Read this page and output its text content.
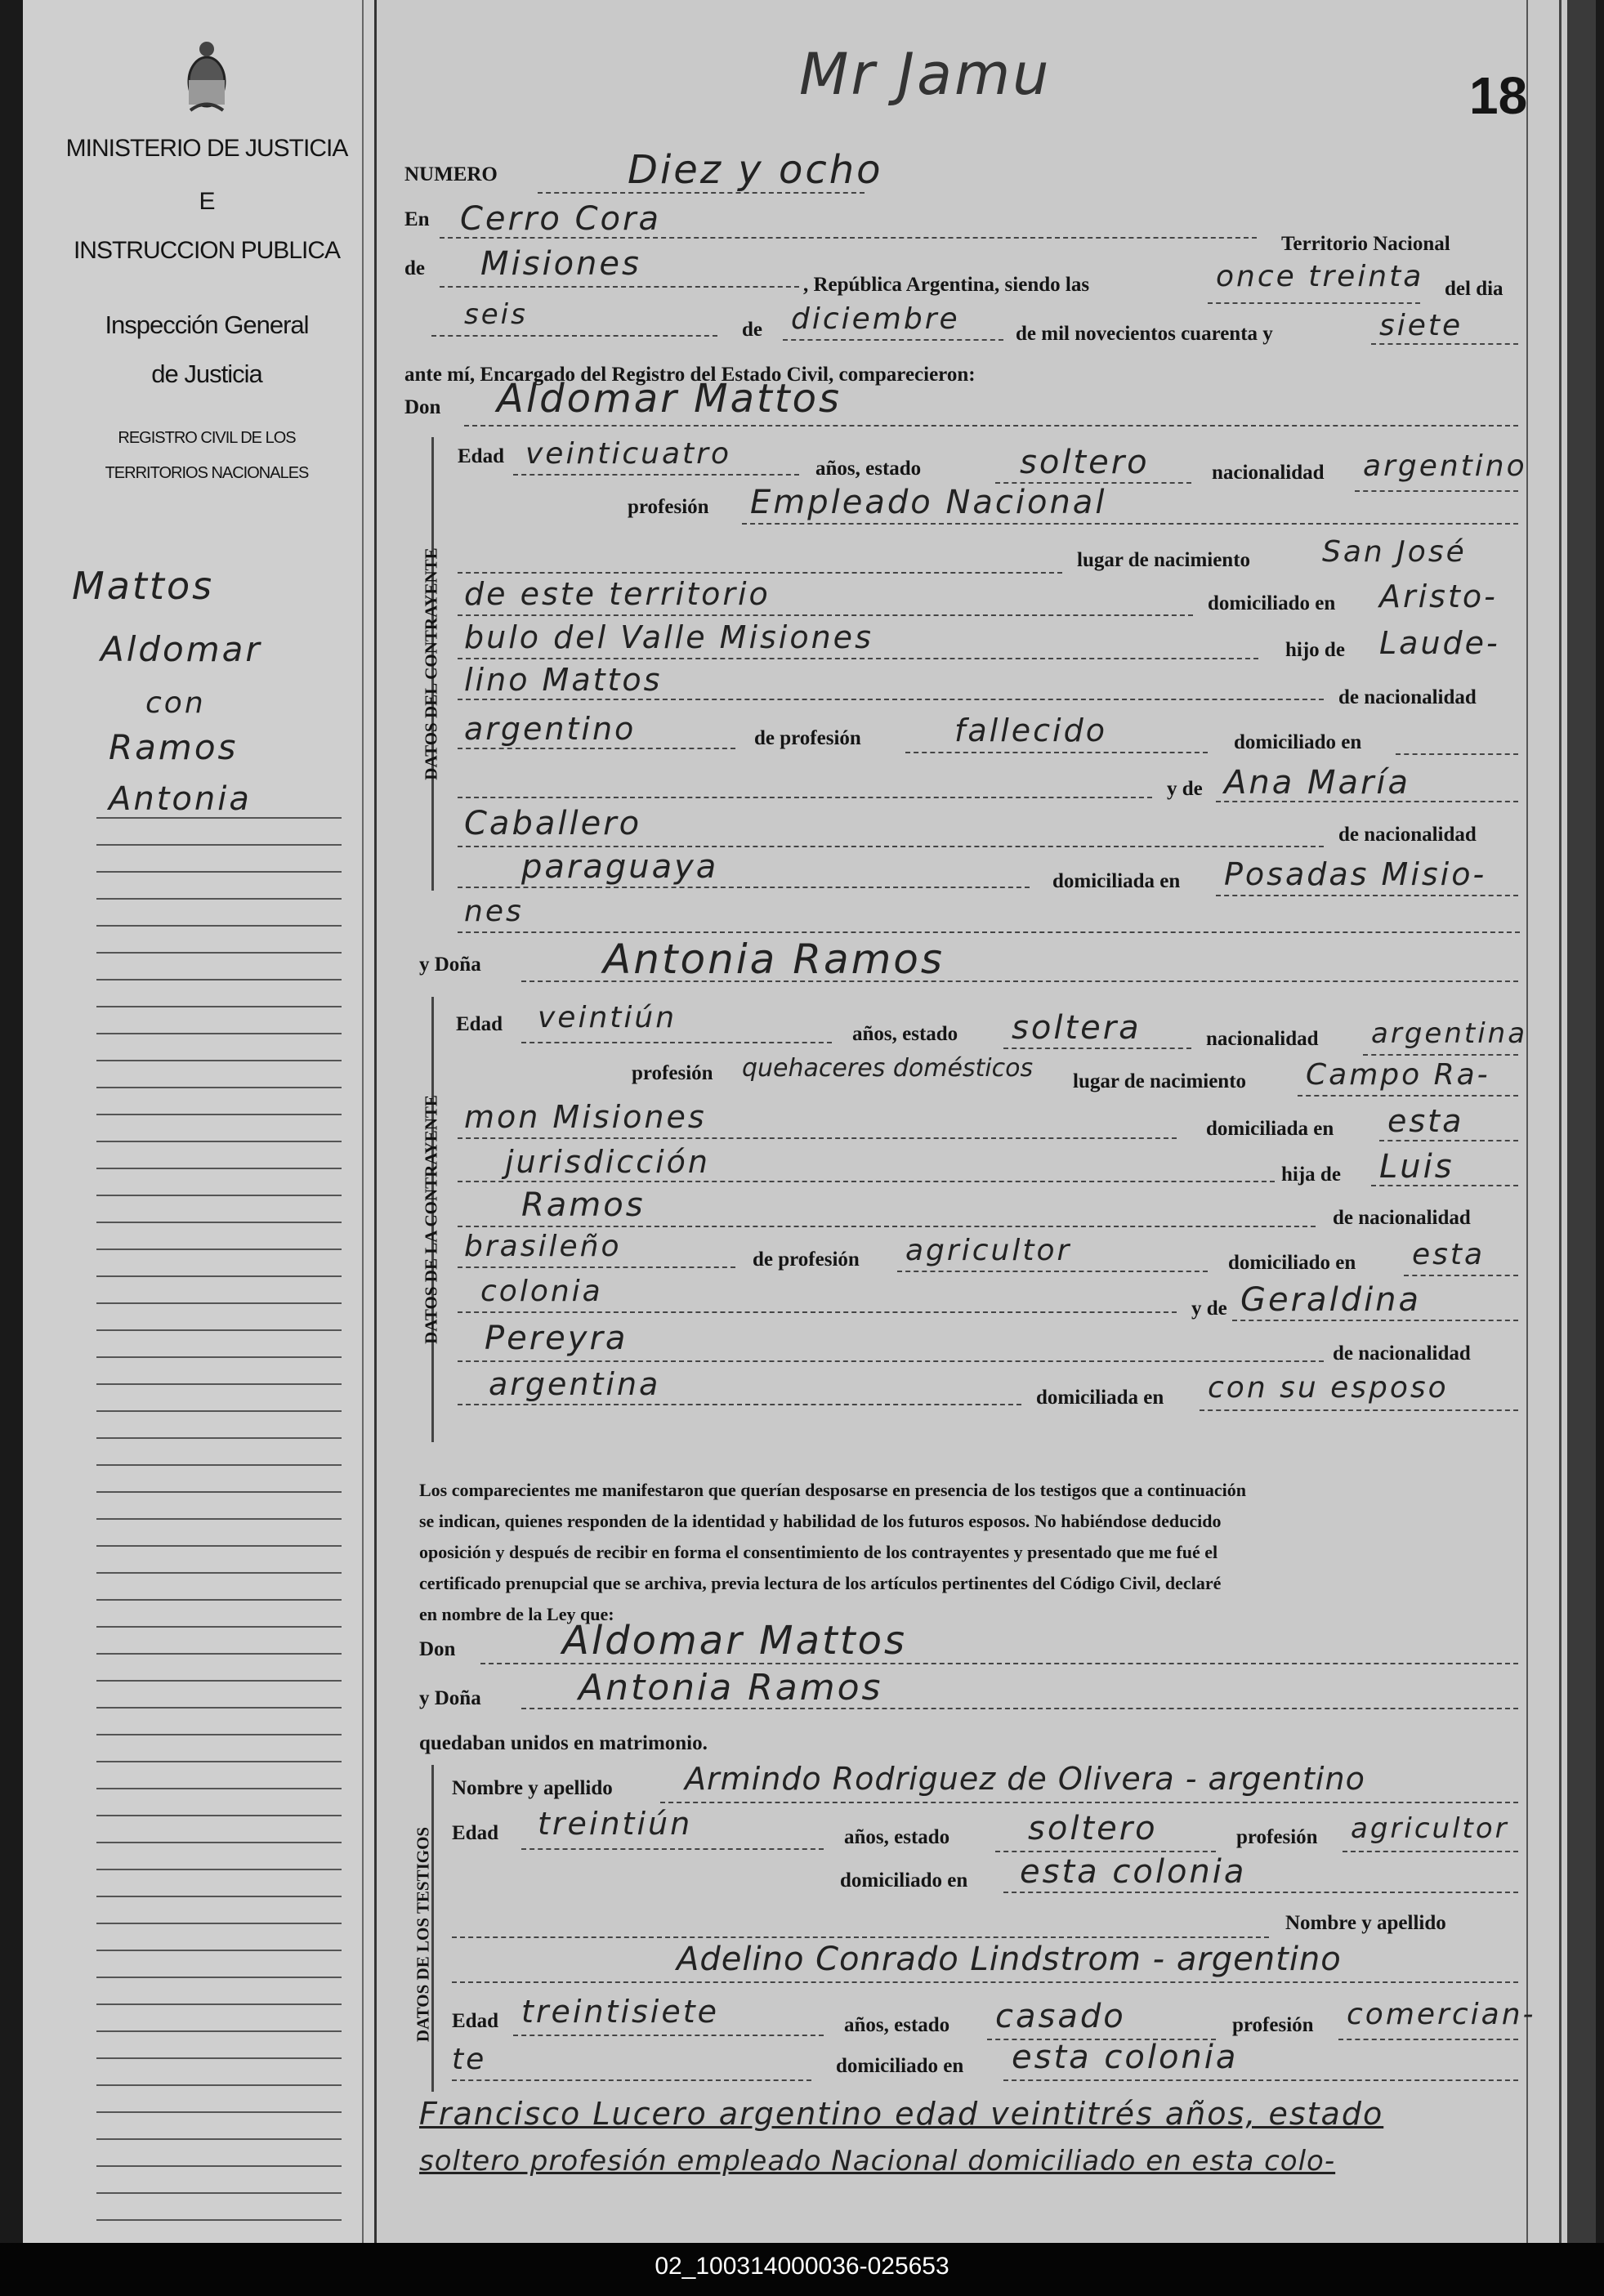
MINISTERIO DE JUSTICIA
E
INSTRUCCION PUBLICA
Inspección General
de Justicia
REGISTRO CIVIL DE LOS
TERRITORIOS NACIONALES
Mattos
Aldomar
con
Ramos
Antonia
Mr Jamu	18
NUMERO	Diez y ocho
En Cerro Cora
Territorio Nacional
de Misiones
, República Argentina, siendo las	once treinta del dia
seis	de diciembre	de mil novecientos cuarenta y	siete
ante mí, Encargado del Registro del Estado Civil, comparecieron:
Don Aldomar Mattos
DATOS DEL CONTRAYENTE
Edad veinticuatro	años, estado	soltero	nacionalidad argentino
profesión Empleado Nacional
lugar de nacimiento San José
de este territorio	domiciliado en Aristo-
bulo del Valle Misiones	hijo de Laude-
lino Mattos	de nacionalidad
argentino	de profesión	fallecido	domiciliado en
y de Ana María
Caballero	de nacionalidad
paraguaya	domiciliada en Posadas Misio-
nes
y Doña	Antonia Ramos
DATOS DE LA CONTRAYENTE
Edad veintiún	años, estado soltera	nacionalidad argentina
profesión quehaceres domésticos lugar de nacimiento Campo Ra-
mon Misiones	domiciliada en esta
jurisdicción	hija de Luis
Ramos	de nacionalidad
brasileño	de profesión agricultor	domiciliado en esta
colonia
y de Geraldina
Pereyra	de nacionalidad
argentina	domiciliada en con su esposo
Los comparecientes me manifestaron que querían desposarse en presencia de los testigos que a continuación
se indican, quienes responden de la identidad y habilidad de los futuros esposos. No habiéndose deducido
oposición y después de recibir en forma el consentimiento de los contrayentes y presentado que me fué el
certificado prenupcial que se archiva, previa lectura de los artículos pertinentes del Código Civil, declaré
en nombre de la Ley que:
Don	Aldomar Mattos
y Doña	Antonia Ramos
quedaban unidos en matrimonio.
DATOS DE LOS TESTIGOS
Nombre y apellido Armindo Rodriguez de Olivera - argentino
Edad treintiún	años, estado soltero	profesión agricultor
domiciliado en esta colonia
Nombre y apellido
Adelino Conrado Lindstrom - argentino
Edad treintisiete	años, estado casado	profesión comercian-
te	domiciliado en esta colonia
Francisco Lucero argentino edad veintitrés años, estado
soltero profesión empleado Nacional domiciliado en esta colo-
02_100314000036-025653
